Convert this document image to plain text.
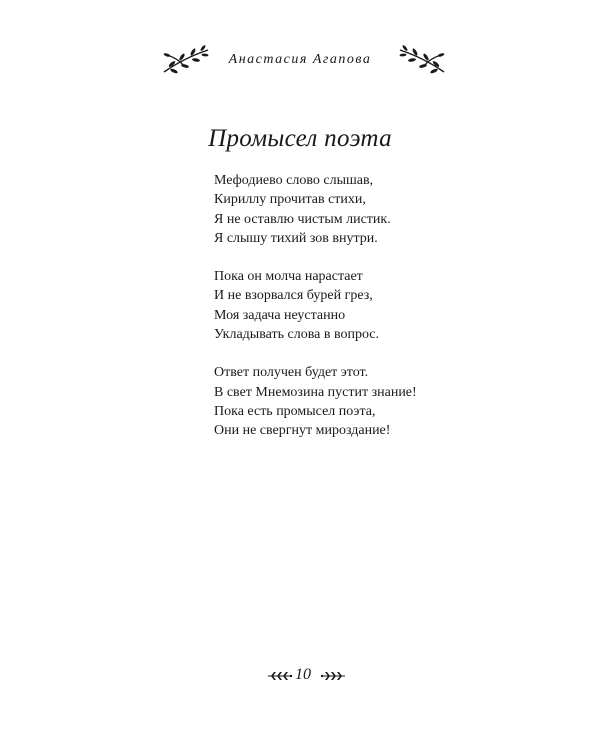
Анастасия Агапова
Промысел поэта
Мефодиево слово слышав,
Кириллу прочитав стихи,
Я не оставлю чистым листик.
Я слышу тихий зов внутри.
Пока он молча нарастает
И не взорвался бурей грез,
Моя задача неустанно
Укладывать слова в вопрос.
Ответ получен будет этот.
В свет Мнемозина пустит знание!
Пока есть промысел поэта,
Они не свергнут мироздание!
10
